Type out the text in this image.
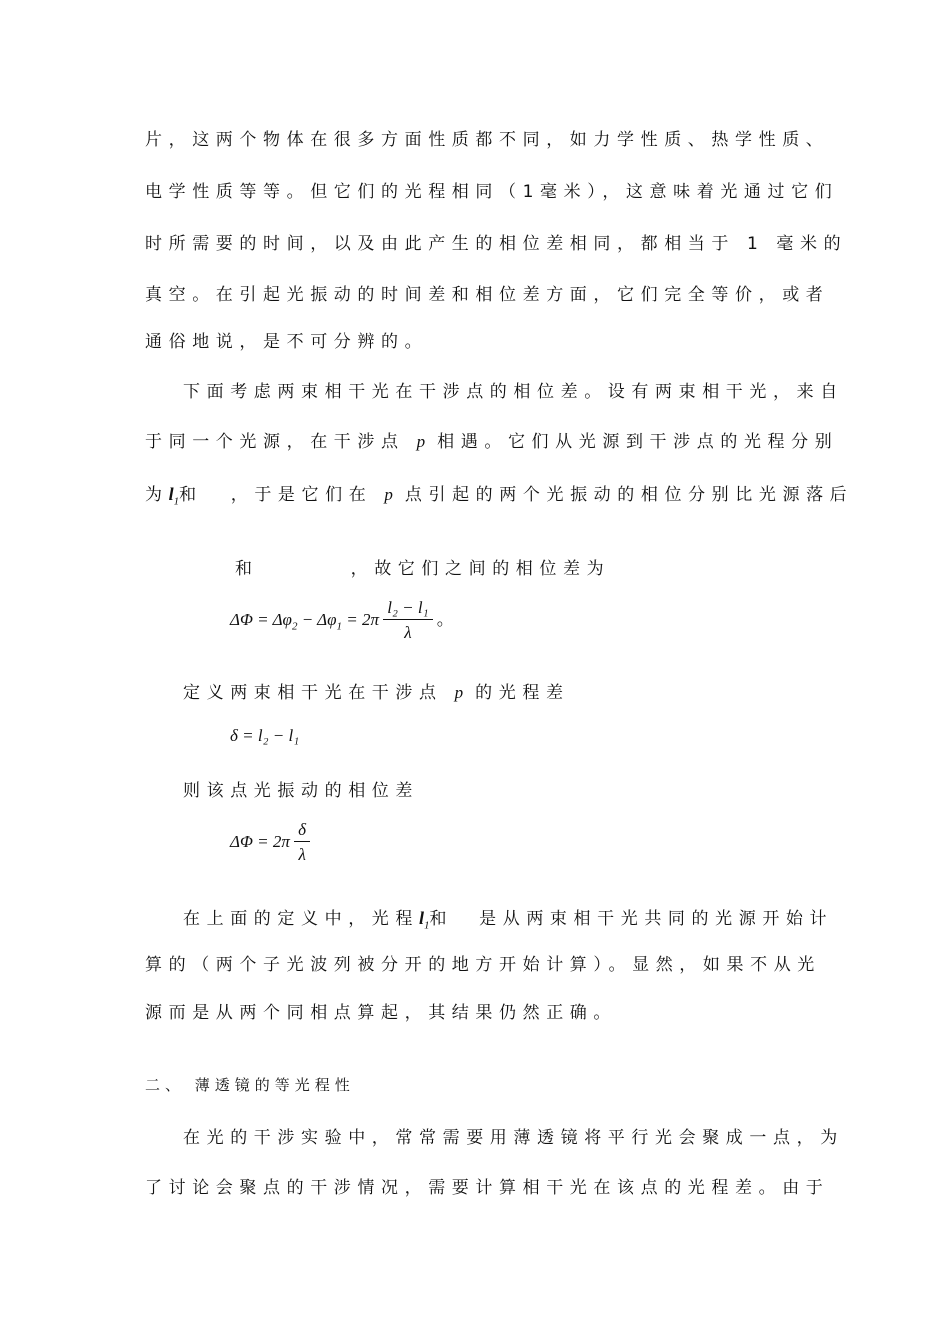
片，这两个物体在很多方面性质都不同，如力学性质、热学性质、
电学性质等等。但它们的光程相同（1毫米），这意味着光通过它们
时所需要的时间，以及由此产生的相位差相同，都相当于 1 毫米的
真空。在引起光振动的时间差和相位差方面，它们完全等价，或者
通俗地说，是不可分辨的。
下面考虑两束相干光在干涉点的相位差。设有两束相干光，来自
于同一个光源，在干涉点 p 相遇。它们从光源到干涉点的光程分别
为$l_1$和 ，于是它们在 p 点引起的两个光振动的相位分别比光源落后
和	，故它们之间的相位差为
$\Delta\Phi = \Delta\varphi_2 - \Delta\varphi_1 = 2\pi \frac{\text{l₂ − l₁}}{\lambda}$ 。
定义两束相干光在干涉点 p 的光程差
δ = l₂ − l₁
则该点光振动的相位差
$\Delta\Phi = 2\pi \frac{\delta}{\lambda}$
在上面的定义中，光程$l_1$和 是从两束相干光共同的光源开始计
算的（两个子光波列被分开的地方开始计算）。显然，如果不从光
源而是从两个同相点算起，其结果仍然正确。
二、 薄透镜的等光程性
在光的干涉实验中，常常需要用薄透镜将平行光会聚成一点，为
了讨论会聚点的干涉情况，需要计算相干光在该点的光程差。由于
